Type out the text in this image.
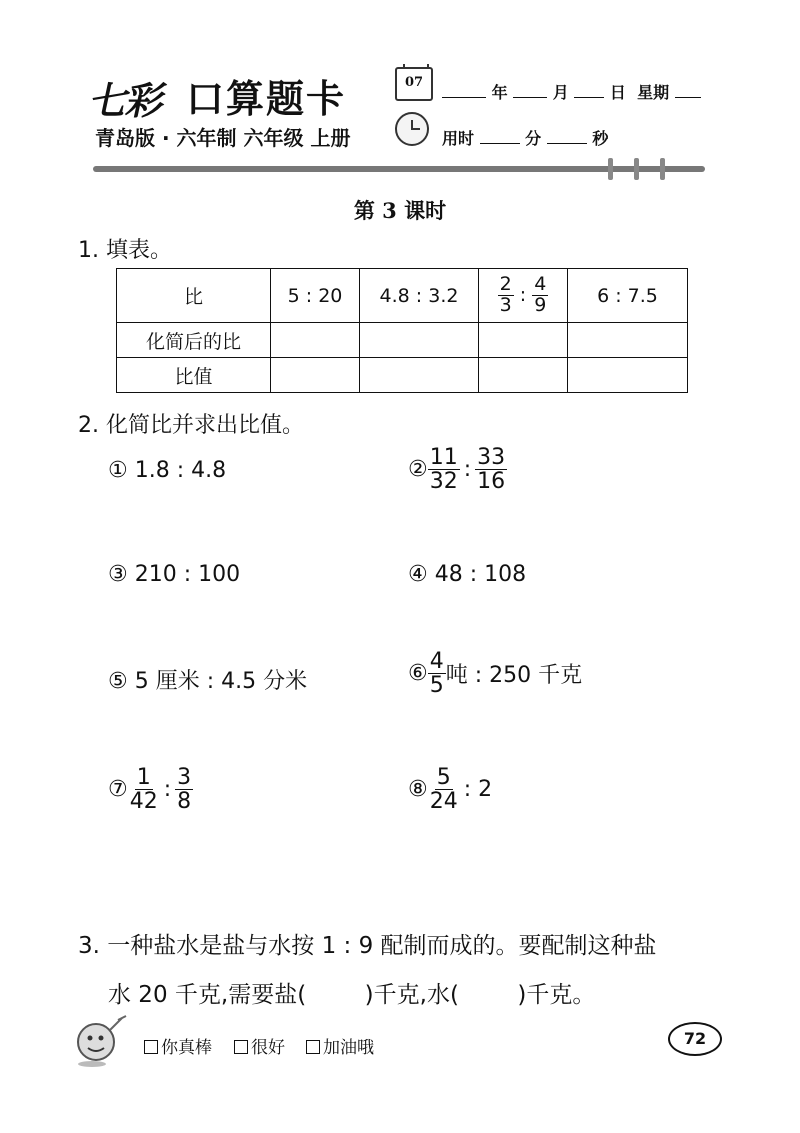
七彩 口算题卡
青岛版 · 六年制 六年级 上册
07
年	月	日 星期
用时	分	秒
第 3 课时
1. 填表。
比	5 : 20	4.8 : 3.2	$\frac{2}{3}$ : $\frac{4}{9}$	6 : 7.5
化简后的比				
比值				
2. 化简比并求出比值。
① 1.8 : 4.8	② $\frac{11}{32}$ : $\frac{33}{16}$
③ 210 : 100	④ 48 : 108
⑤ 5 厘米 : 4.5 分米	⑥ $\frac{4}{5}$ 吨 : 250 千克
⑦ $\frac{1}{42}$ : $\frac{3}{8}$	⑧ $\frac{5}{24}$ : 2
3. 一种盐水是盐与水按 1 : 9 配制而成的。要配制这种盐
水 20 千克,需要盐(        )千克,水(        )千克。
你真棒	很好	加油哦	72
